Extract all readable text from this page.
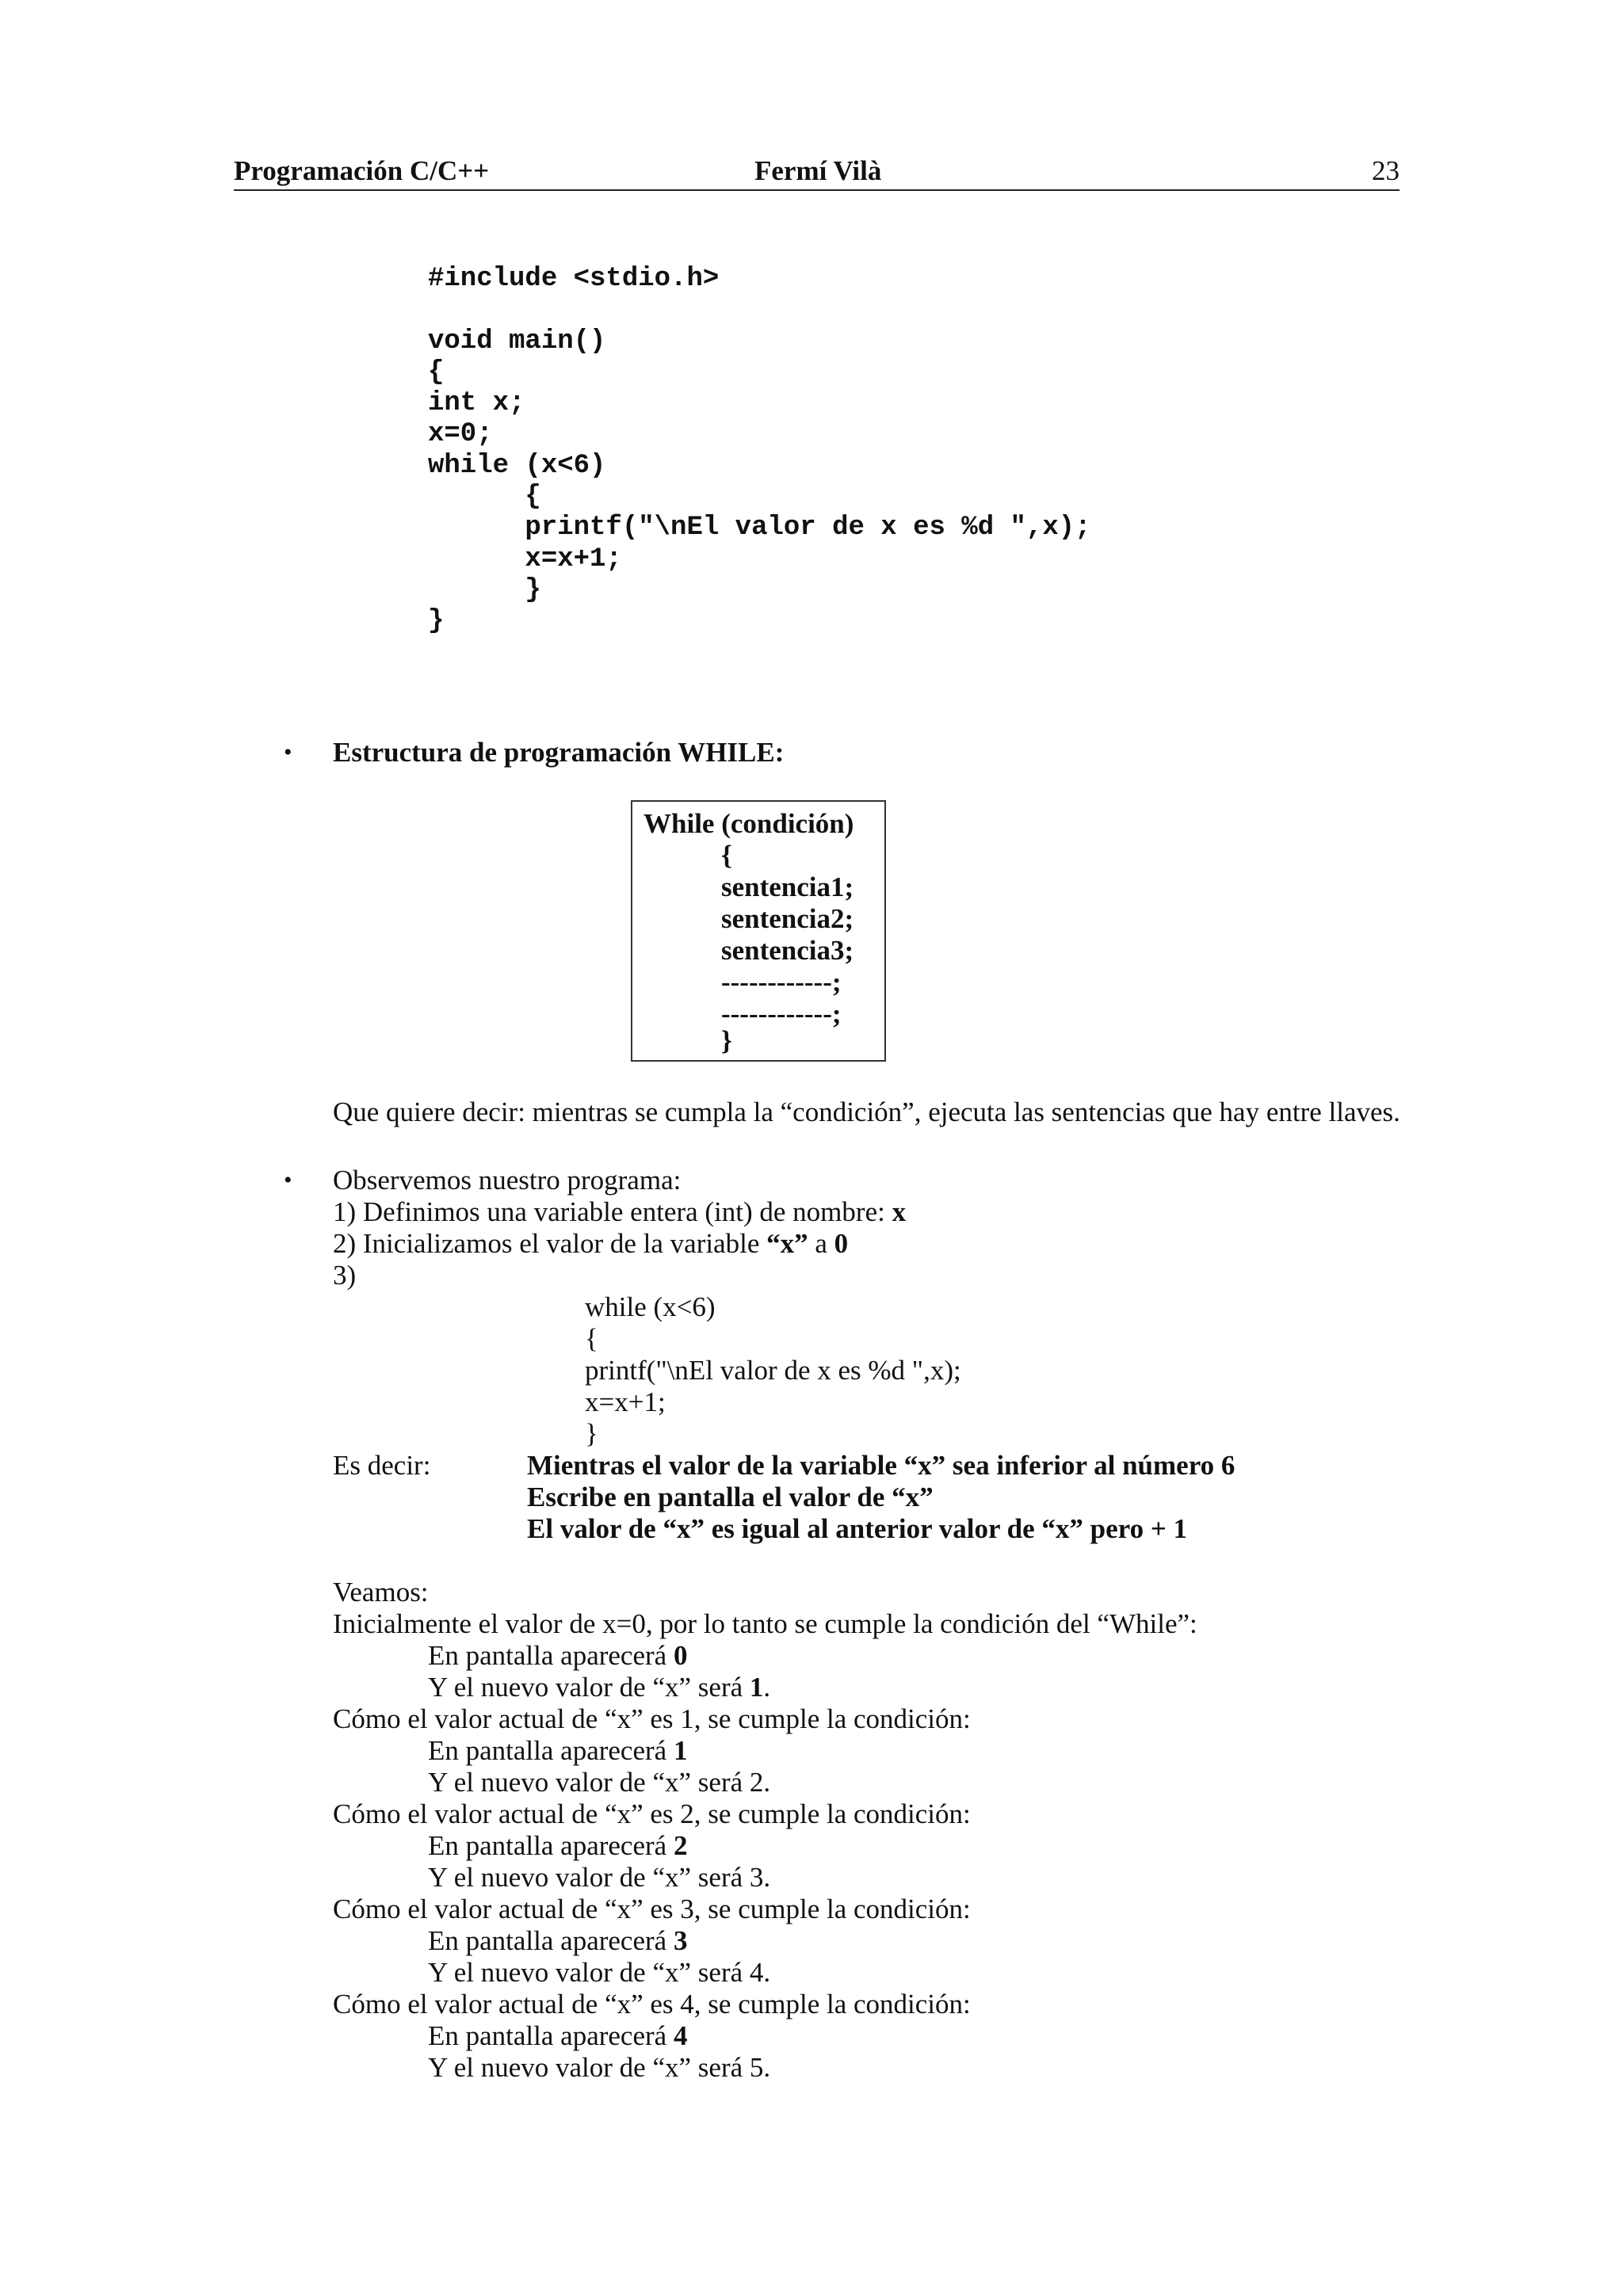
Programación C/C++	Fermí Vilà	23
#include <stdio.h>

void main()
{
int x;
x=0;
while (x<6)
{
printf("\nEl valor de x es %d ",x);
x=x+1;
}
}
• Estructura de programación WHILE:
While (condición)
{
sentencia1;
sentencia2;
sentencia3;
------------;
------------;
}
Que quiere decir: mientras se cumpla la “condición”, ejecuta las sentencias que hay entre llaves.
• Observemos nuestro programa:
1) Definimos una variable entera (int) de nombre: x
2) Inicializamos el valor de la variable “x” a 0
3)
while (x<6)
{
printf("\nEl valor de x es %d ",x);
x=x+1;
}
Es decir:	Mientras el valor de la variable “x” sea inferior al número 6
Escribe en pantalla el valor de “x”
El valor de “x” es igual al anterior valor de “x” pero + 1
Veamos:
Inicialmente el valor de x=0, por lo tanto se cumple la condición del “While”:
En pantalla aparecerá 0
Y el nuevo valor de “x” será 1.
Cómo el valor actual de “x” es 1, se cumple la condición:
En pantalla aparecerá 1
Y el nuevo valor de “x” será 2.
Cómo el valor actual de “x” es 2, se cumple la condición:
En pantalla aparecerá 2
Y el nuevo valor de “x” será 3.
Cómo el valor actual de “x” es 3, se cumple la condición:
En pantalla aparecerá 3
Y el nuevo valor de “x” será 4.
Cómo el valor actual de “x” es 4, se cumple la condición:
En pantalla aparecerá 4
Y el nuevo valor de “x” será 5.
